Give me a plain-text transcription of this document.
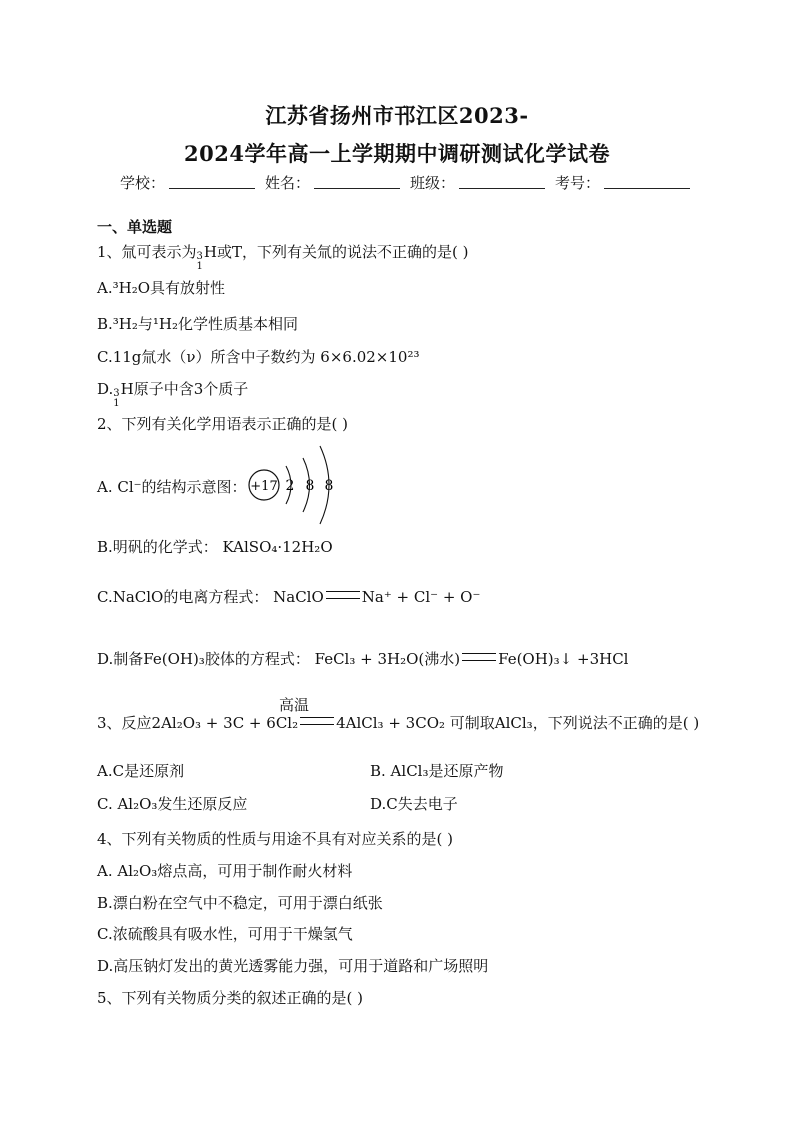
江苏省扬州市邗江区2023-
2024学年高一上学期期中调研测试化学试卷
学校：	姓名：	班级：	考号：
一、单选题
1、氚可表示为 3
1
H或T，下列有关氚的说法不正确的是( )
A.³H₂O具有放射性
B.³H₂与¹H₂化学性质基本相同
C.11g氚水（ν）所含中子数约为 6×6.02×10²³
D. 3
1
H原子中含3个质子
2、下列有关化学用语表示正确的是( )
A. Cl⁻的结构示意图： +17 2 8 8
B.明矾的化学式： KAlSO₄·12H₂O
C.NaClO的电离方程式： NaClO	Na⁺ + Cl⁻ + O⁻
D.制备Fe(OH)₃胶体的方程式： FeCl₃ + 3H₂O(沸水)	Fe(OH)₃↓ +3HCl
高温
3、反应2Al₂O₃ + 3C + 6Cl₂	4AlCl₃ + 3CO₂ 可制取AlCl₃，下列说法不正确的是( )
A.C是还原剂	B. AlCl₃是还原产物
C. Al₂O₃发生还原反应	D.C失去电子
4、下列有关物质的性质与用途不具有对应关系的是( )
A. Al₂O₃熔点高，可用于制作耐火材料
B.漂白粉在空气中不稳定，可用于漂白纸张
C.浓硫酸具有吸水性，可用于干燥氢气
D.高压钠灯发出的黄光透雾能力强，可用于道路和广场照明
5、下列有关物质分类的叙述正确的是( )
